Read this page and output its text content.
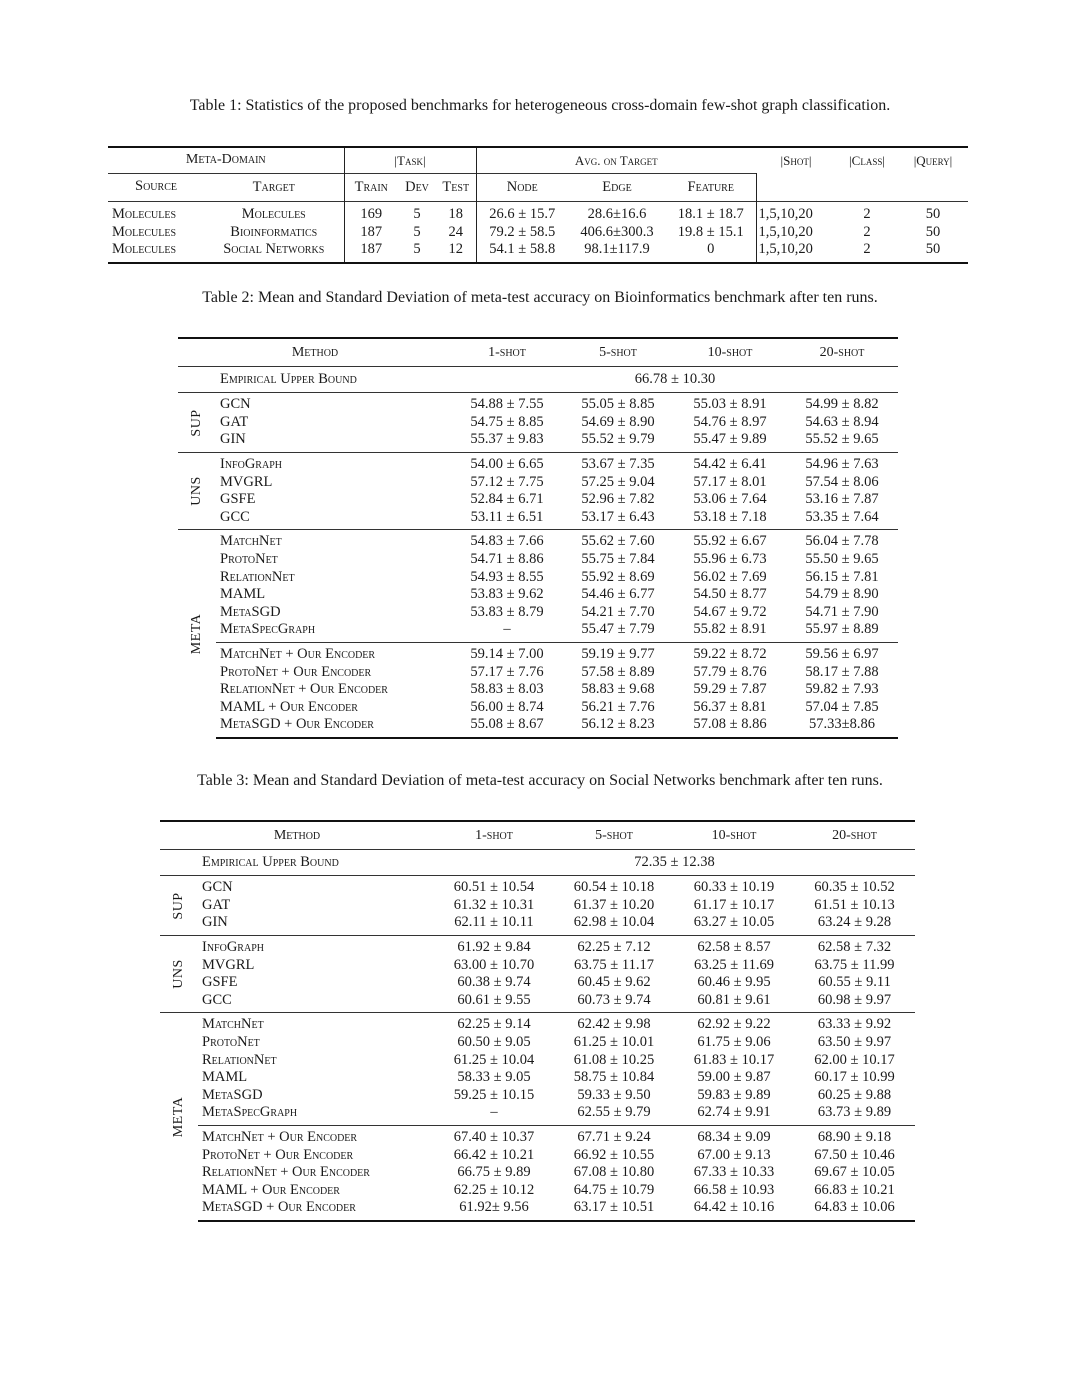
Table 1: Statistics of the proposed benchmarks for heterogeneous cross-domain few-shot graph classification.
Meta-Domain		|Task|			Avg. on Target			|Shot|	|Class|	|Query|
Source	Target	Train	Dev	Test	Node	Edge	Feature			
Molecules	Molecules	169	5	18	26.6 ± 15.7	28.6±16.6	18.1 ± 18.7	1,5,10,20	2	50
Molecules	Bioinformatics	187	5	24	79.2 ± 58.5	406.6±300.3	19.8 ± 15.1	1,5,10,20	2	50
Molecules	Social Networks	187	5	12	54.1 ± 58.8	98.1±117.9	0	1,5,10,20	2	50
Table 2: Mean and Standard Deviation of meta-test accuracy on Bioinformatics benchmark after ten runs.
Method		1-shot	5-shot	10-shot	20-shot
	Empirical Upper Bound	66.78 ± 10.30			

SUP	GCN	54.88 ± 7.55	55.05 ± 8.85	55.03 ± 8.91	54.99 ± 8.82
	GAT	54.75 ± 8.85	54.69 ± 8.90	54.76 ± 8.97	54.63 ± 8.94
	GIN	55.37 ± 9.83	55.52 ± 9.79	55.47 ± 9.89	55.52 ± 9.65

UNS	InfoGraph	54.00 ± 6.65	53.67 ± 7.35	54.42 ± 6.41	54.96 ± 7.63
	MVGRL	57.12 ± 7.75	57.25 ± 9.04	57.17 ± 8.01	57.54 ± 8.06
	GSFE	52.84 ± 6.71	52.96 ± 7.82	53.06 ± 7.64	53.16 ± 7.87
	GCC	53.11 ± 6.51	53.17 ± 6.43	53.18 ± 7.18	53.35 ± 7.64

META	MatchNet	54.83 ± 7.66	55.62 ± 7.60	55.92 ± 6.67	56.04 ± 7.78
	ProtoNet	54.71 ± 8.86	55.75 ± 7.84	55.96 ± 6.73	55.50 ± 9.65
	RelationNet	54.93 ± 8.55	55.92 ± 8.69	56.02 ± 7.69	56.15 ± 7.81
	MAML	53.83 ± 9.62	54.46 ± 6.77	54.50 ± 8.77	54.79 ± 8.90
	MetaSGD	53.83 ± 8.79	54.21 ± 7.70	54.67 ± 9.72	54.71 ± 7.90
	MetaSpecGraph	–	55.47 ± 7.79	55.82 ± 8.91	55.97 ± 8.89
	MatchNet + Our Encoder	59.14 ± 7.00	59.19 ± 9.77	59.22 ± 8.72	59.56 ± 6.97
	ProtoNet + Our Encoder	57.17 ± 7.76	57.58 ± 8.89	57.79 ± 8.76	58.17 ± 7.88
	RelationNet + Our Encoder	58.83 ± 8.03	58.83 ± 9.68	59.29 ± 7.87	59.82 ± 7.93
	MAML + Our Encoder	56.00 ± 8.74	56.21 ± 7.76	56.37 ± 8.81	57.04 ± 7.85
	MetaSGD + Our Encoder	55.08 ± 8.67	56.12 ± 8.23	57.08 ± 8.86	57.33±8.86
Table 3: Mean and Standard Deviation of meta-test accuracy on Social Networks benchmark after ten runs.
Method		1-shot	5-shot	10-shot	20-shot
	Empirical Upper Bound	72.35 ± 12.38			

SUP	GCN	60.51 ± 10.54	60.54 ± 10.18	60.33 ± 10.19	60.35 ± 10.52
	GAT	61.32 ± 10.31	61.37 ± 10.20	61.17 ± 10.17	61.51 ± 10.13
	GIN	62.11 ± 10.11	62.98 ± 10.04	63.27 ± 10.05	63.24 ± 9.28

UNS	InfoGraph	61.92 ± 9.84	62.25 ± 7.12	62.58 ± 8.57	62.58 ± 7.32
	MVGRL	63.00 ± 10.70	63.75 ± 11.17	63.25 ± 11.69	63.75 ± 11.99
	GSFE	60.38 ± 9.74	60.45 ± 9.62	60.46 ± 9.95	60.55 ± 9.11
	GCC	60.61 ± 9.55	60.73 ± 9.74	60.81 ± 9.61	60.98 ± 9.97

META	MatchNet	62.25 ± 9.14	62.42 ± 9.98	62.92 ± 9.22	63.33 ± 9.92
	ProtoNet	60.50 ± 9.05	61.25 ± 10.01	61.75 ± 9.06	63.50 ± 9.97
	RelationNet	61.25 ± 10.04	61.08 ± 10.25	61.83 ± 10.17	62.00 ± 10.17
	MAML	58.33 ± 9.05	58.75 ± 10.84	59.00 ± 9.87	60.17 ± 10.99
	MetaSGD	59.25 ± 10.15	59.33 ± 9.50	59.83 ± 9.89	60.25 ± 9.88
	MetaSpecGraph	–	62.55 ± 9.79	62.74 ± 9.91	63.73 ± 9.89
	MatchNet + Our Encoder	67.40 ± 10.37	67.71 ± 9.24	68.34 ± 9.09	68.90 ± 9.18
	ProtoNet + Our Encoder	66.42 ± 10.21	66.92 ± 10.55	67.00 ± 9.13	67.50 ± 10.46
	RelationNet + Our Encoder	66.75 ± 9.89	67.08 ± 10.80	67.33 ± 10.33	69.67 ± 10.05
	MAML + Our Encoder	62.25 ± 10.12	64.75 ± 10.79	66.58 ± 10.93	66.83 ± 10.21
	MetaSGD + Our Encoder	61.92± 9.56	63.17 ± 10.51	64.42 ± 10.16	64.83 ± 10.06
